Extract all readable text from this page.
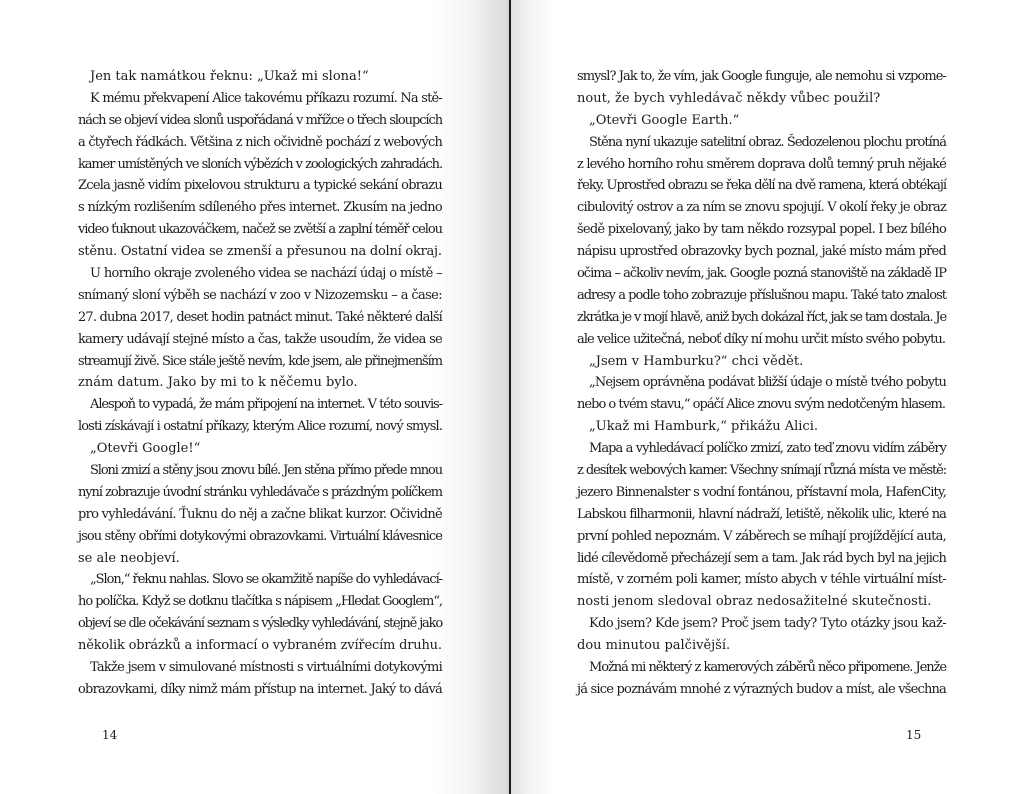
Jen tak namátkou řeknu: „Ukaž mi slona!“
K mému překvapení Alice takovému příkazu rozumí. Na stě-
nách se objeví videa slonů uspořádaná v mřížce o třech sloupcích
a čtyřech řádkách. Většina z nich očividně pochází z webových
kamer umístěných ve sloních výbězích v zoologických zahradách.
Zcela jasně vidím pixelovou strukturu a typické sekání obrazu
s nízkým rozlišením sdíleného přes internet. Zkusím na jedno
video ťuknout ukazováčkem, načež se zvětší a zaplní téměř celou
stěnu. Ostatní videa se zmenší a přesunou na dolní okraj.
U horního okraje zvoleného videa se nachází údaj o místě –
snímaný sloní výběh se nachází v zoo v Nizozemsku – a čase:
27. dubna 2017, deset hodin patnáct minut. Také některé další
kamery udávají stejné místo a čas, takže usoudím, že videa se
streamují živě. Sice stále ještě nevím, kde jsem, ale přinejmenším
znám datum. Jako by mi to k něčemu bylo.
Alespoň to vypadá, že mám připojení na internet. V této souvis-
losti získávají i ostatní příkazy, kterým Alice rozumí, nový smysl.
„Otevři Google!“
Sloni zmizí a stěny jsou znovu bílé. Jen stěna přímo přede mnou
nyní zobrazuje úvodní stránku vyhledávače s prázdným políčkem
pro vyhledávání. Ťuknu do něj a začne blikat kurzor. Očividně
jsou stěny obřími dotykovými obrazovkami. Virtuální klávesnice
se ale neobjeví.
„Slon,“ řeknu nahlas. Slovo se okamžitě napíše do vyhledávací-
ho políčka. Když se dotknu tlačítka s nápisem „Hledat Googlem“,
objeví se dle očekávání seznam s výsledky vyhledávání, stejně jako
několik obrázků a informací o vybraném zvířecím druhu.
Takže jsem v simulované místnosti s virtuálními dotykovými
obrazovkami, díky nimž mám přístup na internet. Jaký to dává
14
smysl? Jak to, že vím, jak Google funguje, ale nemohu si vzpome-
nout, že bych vyhledávač někdy vůbec použil?
„Otevři Google Earth.“
Stěna nyní ukazuje satelitní obraz. Šedozelenou plochu protíná
z levého horního rohu směrem doprava dolů temný pruh nějaké
řeky. Uprostřed obrazu se řeka dělí na dvě ramena, která obtékají
cibulovitý ostrov a za ním se znovu spojují. V okolí řeky je obraz
šedě pixelovaný, jako by tam někdo rozsypal popel. I bez bílého
nápisu uprostřed obrazovky bych poznal, jaké místo mám před
očima – ačkoliv nevím, jak. Google pozná stanoviště na základě IP
adresy a podle toho zobrazuje příslušnou mapu. Také tato znalost
zkrátka je v mojí hlavě, aniž bych dokázal říct, jak se tam dostala. Je
ale velice užitečná, neboť díky ní mohu určit místo svého pobytu.
„Jsem v Hamburku?“ chci vědět.
„Nejsem oprávněna podávat bližší údaje o místě tvého pobytu
nebo o tvém stavu,“ opáčí Alice znovu svým nedotčeným hlasem.
„Ukaž mi Hamburk,“ přikážu Alici.
Mapa a vyhledávací políčko zmizí, zato teď znovu vidím záběry
z desítek webových kamer. Všechny snímají různá místa ve městě:
jezero Binnenalster s vodní fontánou, přístavní mola, HafenCity,
Labskou filharmonii, hlavní nádraží, letiště, několik ulic, které na
první pohled nepoznám. V záběrech se míhají projíždějící auta,
lidé cílevědomě přecházejí sem a tam. Jak rád bych byl na jejich
místě, v zorném poli kamer, místo abych v téhle virtuální míst-
nosti jenom sledoval obraz nedosažitelné skutečnosti.
Kdo jsem? Kde jsem? Proč jsem tady? Tyto otázky jsou kaž-
dou minutou palčivější.
Možná mi některý z kamerových záběrů něco připomene. Jenže
já sice poznávám mnohé z výrazných budov a míst, ale všechna
15
